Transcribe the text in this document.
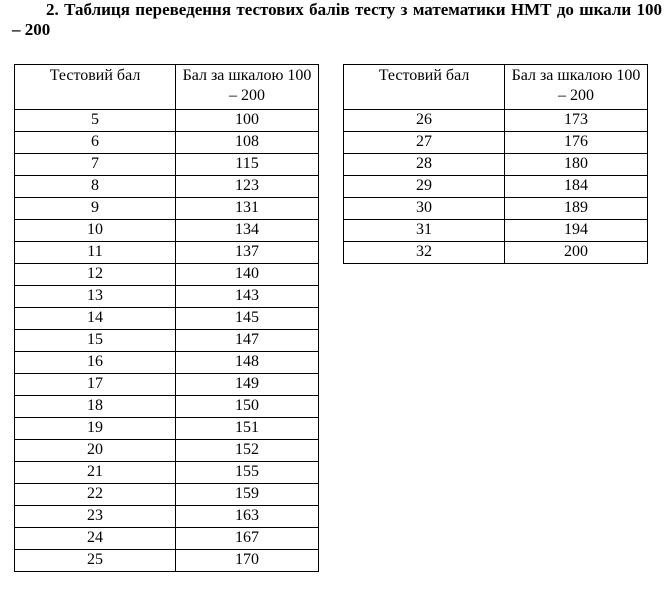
2. Таблиця переведення тестових балів тесту з математики НМТ до шкали 100 – 200
Тестовий бал	Бал за шкалою 100 – 200
5	100
6	108
7	115
8	123
9	131
10	134
11	137
12	140
13	143
14	145
15	147
16	148
17	149
18	150
19	151
20	152
21	155
22	159
23	163
24	167
25	170
Тестовий бал	Бал за шкалою 100 – 200
26	173
27	176
28	180
29	184
30	189
31	194
32	200
